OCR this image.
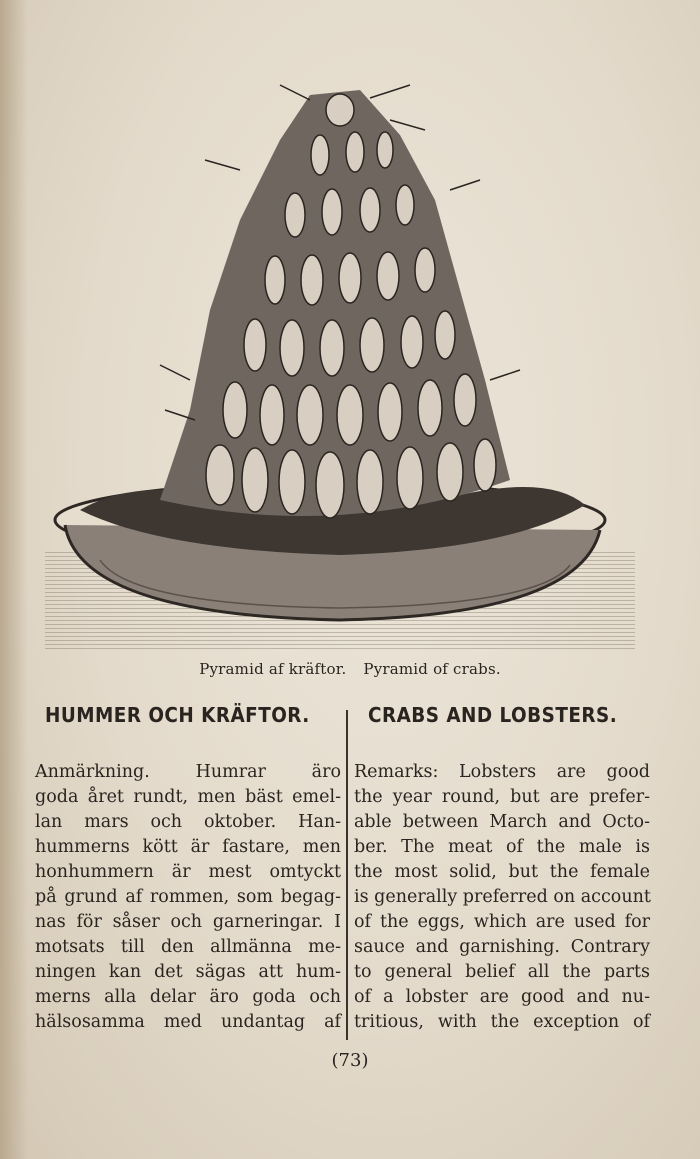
Pyramid af kräftor. Pyramid of crabs.
HUMMER OCH KRÄFTOR.	CRABS AND LOBSTERS.
Anmärkning. Humrar äro
goda året rundt, men bäst emel-
lan mars och oktober. Han-
hummerns kött är fastare, men
honhummern är mest omtyckt
på grund af rommen, som begag-
nas för såser och garneringar. I
motsats till den allmänna me-
ningen kan det sägas att hum-
merns alla delar äro goda och
hälsosamma med undantag af
Remarks: Lobsters are good
the year round, but are prefer-
able between March and Octo-
ber. The meat of the male is
the most solid, but the female
is generally preferred on account
of the eggs, which are used for
sauce and garnishing. Contrary
to general belief all the parts
of a lobster are good and nu-
tritious, with the exception of
(73)
